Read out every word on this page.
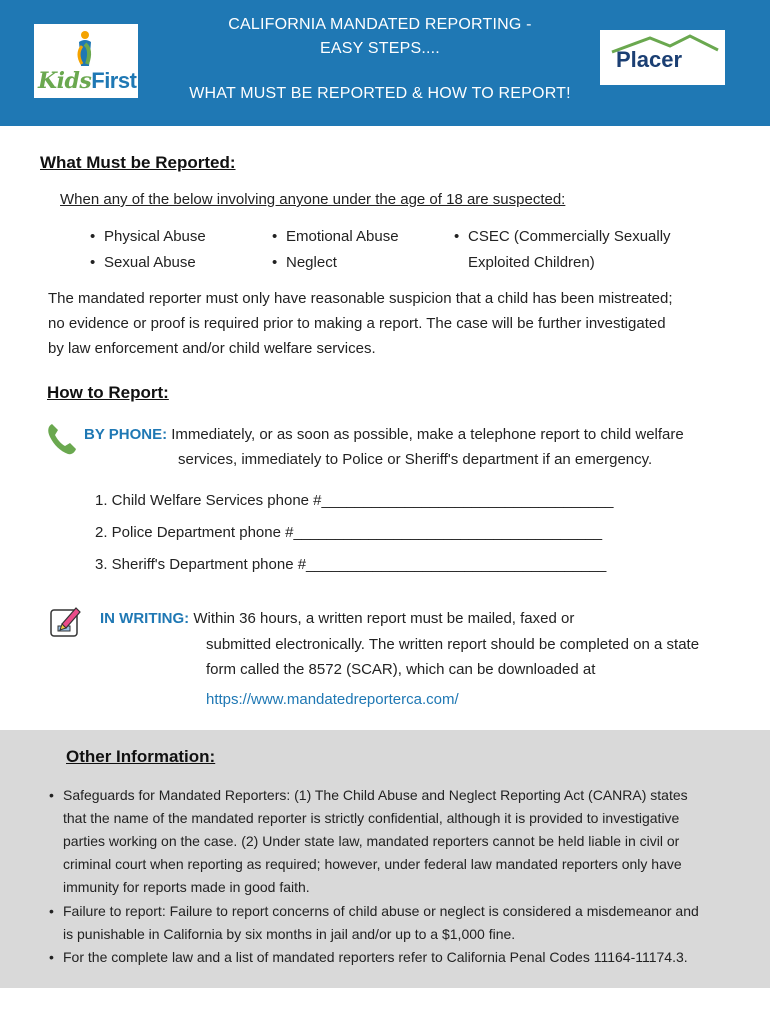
KidsFirst
CALIFORNIA MANDATED REPORTING -
EASY STEPS....
WHAT MUST BE REPORTED & HOW TO REPORT!
Placer
What Must be Reported:
When any of the below involving anyone under the age of 18 are suspected:
• Physical Abuse
• Sexual Abuse
• Emotional Abuse
• Neglect
• CSEC (Commercially Sexually
Exploited Children)
The mandated reporter must only have reasonable suspicion that a child has been mistreated;
no evidence or proof is required prior to making a report. The case will be further investigated
by law enforcement and/or child welfare services.
How to Report:
BY PHONE: Immediately, or as soon as possible, make a telephone report to child welfare
services, immediately to Police or Sheriff's department if an emergency.
1. Child Welfare Services phone #___________________________________
2. Police Department phone #_____________________________________
3. Sheriff's Department phone #____________________________________
IN WRITING: Within 36 hours, a written report must be mailed, faxed or
submitted electronically. The written report should be completed on a state
form called the 8572 (SCAR), which can be downloaded at
https://www.mandatedreporterca.com/
Other Information:
• Safeguards for Mandated Reporters: (1) The Child Abuse and Neglect Reporting Act (CANRA) states
that the name of the mandated reporter is strictly confidential, although it is provided to investigative
parties working on the case. (2) Under state law, mandated reporters cannot be held liable in civil or
criminal court when reporting as required; however, under federal law mandated reporters only have
immunity for reports made in good faith.
• Failure to report: Failure to report concerns of child abuse or neglect is considered a misdemeanor and
is punishable in California by six months in jail and/or up to a $1,000 fine.
• For the complete law and a list of mandated reporters refer to California Penal Codes 11164-11174.3.
